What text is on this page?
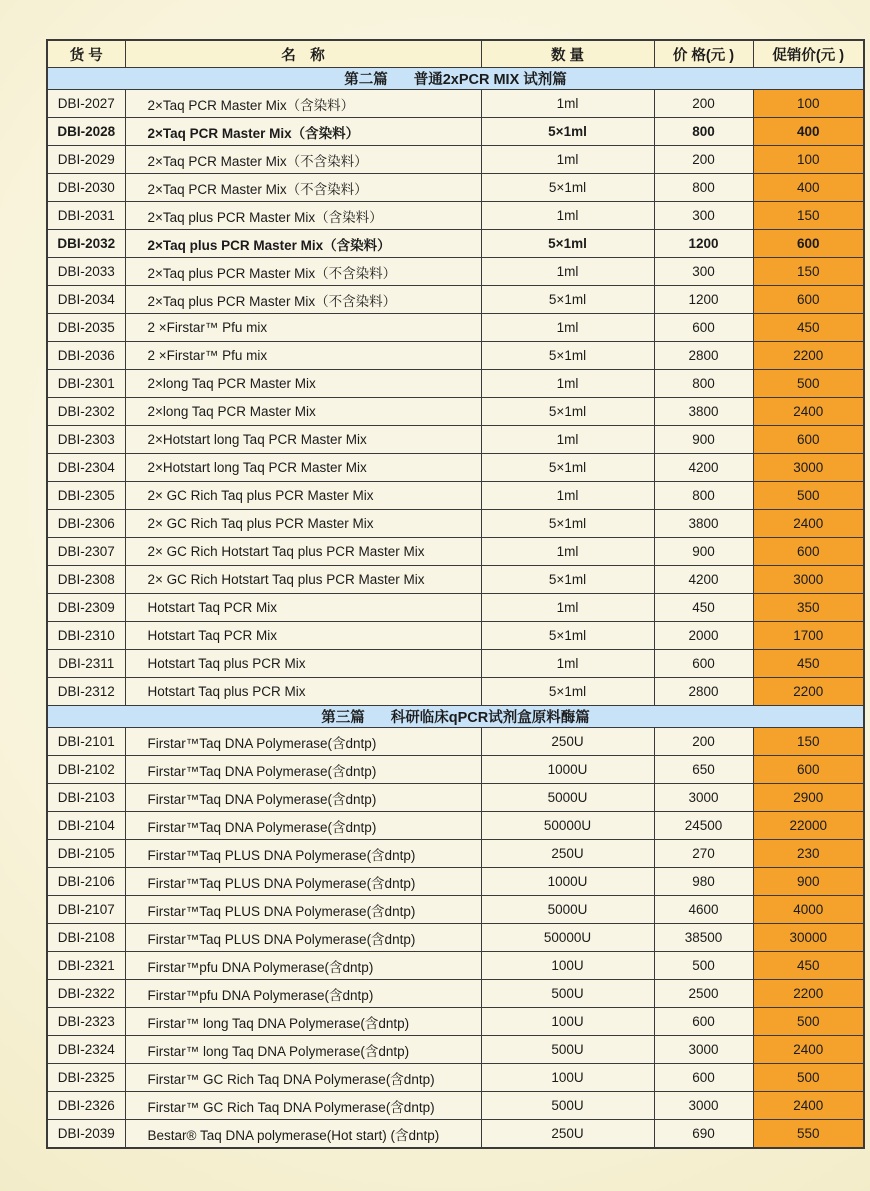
货 号	名　称	数 量	价 格(元 )	促销价(元 )
第二篇 普通2xPCR MIX 试剂篇				
DBI-2027	2×Taq PCR Master Mix（含染料）	1ml	200	100
DBI-2028	2×Taq PCR Master Mix（含染料）	5×1ml	800	400
DBI-2029	2×Taq PCR Master Mix（不含染料）	1ml	200	100
DBI-2030	2×Taq PCR Master Mix（不含染料）	5×1ml	800	400
DBI-2031	2×Taq plus PCR Master Mix（含染料）	1ml	300	150
DBI-2032	2×Taq plus PCR Master Mix（含染料）	5×1ml	1200	600
DBI-2033	2×Taq plus PCR Master Mix（不含染料）	1ml	300	150
DBI-2034	2×Taq plus PCR Master Mix（不含染料）	5×1ml	1200	600
DBI-2035	2 ×Firstar™ Pfu mix	1ml	600	450
DBI-2036	2 ×Firstar™ Pfu mix	5×1ml	2800	2200
DBI-2301	2×long Taq PCR Master Mix	1ml	800	500
DBI-2302	2×long Taq PCR Master Mix	5×1ml	3800	2400
DBI-2303	2×Hotstart long Taq PCR Master Mix	1ml	900	600
DBI-2304	2×Hotstart long Taq PCR Master Mix	5×1ml	4200	3000
DBI-2305	2× GC Rich Taq plus PCR Master Mix	1ml	800	500
DBI-2306	2× GC Rich Taq plus PCR Master Mix	5×1ml	3800	2400
DBI-2307	2× GC Rich Hotstart Taq plus PCR Master Mix	1ml	900	600
DBI-2308	2× GC Rich Hotstart Taq plus PCR Master Mix	5×1ml	4200	3000
DBI-2309	Hotstart Taq PCR Mix	1ml	450	350
DBI-2310	Hotstart Taq PCR Mix	5×1ml	2000	1700
DBI-2311	Hotstart Taq plus PCR Mix	1ml	600	450
DBI-2312	Hotstart Taq plus PCR Mix	5×1ml	2800	2200
第三篇 科研临床qPCR试剂盒原料酶篇				
DBI-2101	Firstar™Taq DNA Polymerase(含dntp)	250U	200	150
DBI-2102	Firstar™Taq DNA Polymerase(含dntp)	1000U	650	600
DBI-2103	Firstar™Taq DNA Polymerase(含dntp)	5000U	3000	2900
DBI-2104	Firstar™Taq DNA Polymerase(含dntp)	50000U	24500	22000
DBI-2105	Firstar™Taq PLUS DNA Polymerase(含dntp)	250U	270	230
DBI-2106	Firstar™Taq PLUS DNA Polymerase(含dntp)	1000U	980	900
DBI-2107	Firstar™Taq PLUS DNA Polymerase(含dntp)	5000U	4600	4000
DBI-2108	Firstar™Taq PLUS DNA Polymerase(含dntp)	50000U	38500	30000
DBI-2321	Firstar™pfu DNA Polymerase(含dntp)	100U	500	450
DBI-2322	Firstar™pfu DNA Polymerase(含dntp)	500U	2500	2200
DBI-2323	Firstar™ long Taq DNA Polymerase(含dntp)	100U	600	500
DBI-2324	Firstar™ long Taq DNA Polymerase(含dntp)	500U	3000	2400
DBI-2325	Firstar™ GC Rich Taq DNA Polymerase(含dntp)	100U	600	500
DBI-2326	Firstar™ GC Rich Taq DNA Polymerase(含dntp)	500U	3000	2400
DBI-2039	Bestar® Taq DNA polymerase(Hot start) (含dntp)	250U	690	550
